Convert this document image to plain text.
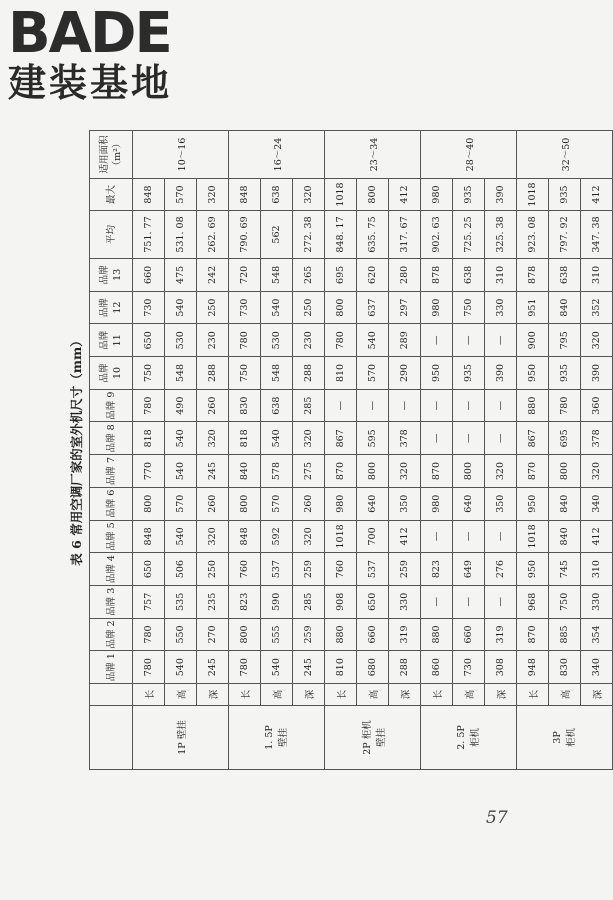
BADE
建装基地
表 6 常用空调厂家的室外机尺寸（mm）

		品牌 1	品牌 2	品牌 3	品牌 4	品牌 5	品牌 6	品牌 7	品牌 8	品牌 9	品牌 10	品牌 11	品牌 12	品牌 13	平均	最大	适用面积 （m²）

1P 壁挂	长	780	780	757	650	848	800	770	818	780	750	650	730	660	751. 77	848	10～16
	高	540	550	535	506	540	570	540	540	490	548	530	540	475	531. 08	570	
	深	245	270	235	250	320	260	245	320	260	288	230	250	242	262. 69	320	

1. 5P 壁挂	长	780	800	823	760	848	800	840	818	830	750	780	730	720	790. 69	848	16～24
	高	540	555	590	537	592	570	578	540	638	548	530	540	548	562	638	
	深	245	259	285	259	320	260	275	320	285	288	230	250	265	272. 38	320	

2P 柜机 壁挂	长	810	880	908	760	1018	980	870	867	—	810	780	800	695	848. 17	1018	23～34
	高	680	660	650	537	700	640	800	595	—	570	540	637	620	635. 75	800	
	深	288	319	330	259	412	350	320	378	—	290	289	297	280	317. 67	412	

2. 5P 柜机	长	860	880	—	823	—	980	870	—	—	950	—	980	878	902. 63	980	28～40
	高	730	660	—	649	—	640	800	—	—	935	—	750	638	725. 25	935	
	深	308	319	—	276	—	350	320	—	—	390	—	330	310	325. 38	390	

3P 柜机	长	948	870	968	950	1018	950	870	867	880	950	900	951	878	923. 08	1018	32～50
	高	830	885	750	745	840	840	800	695	780	935	795	840	638	797. 92	935	
	深	340	354	330	310	412	340	320	378	360	390	320	352	310	347. 38	412	
57
